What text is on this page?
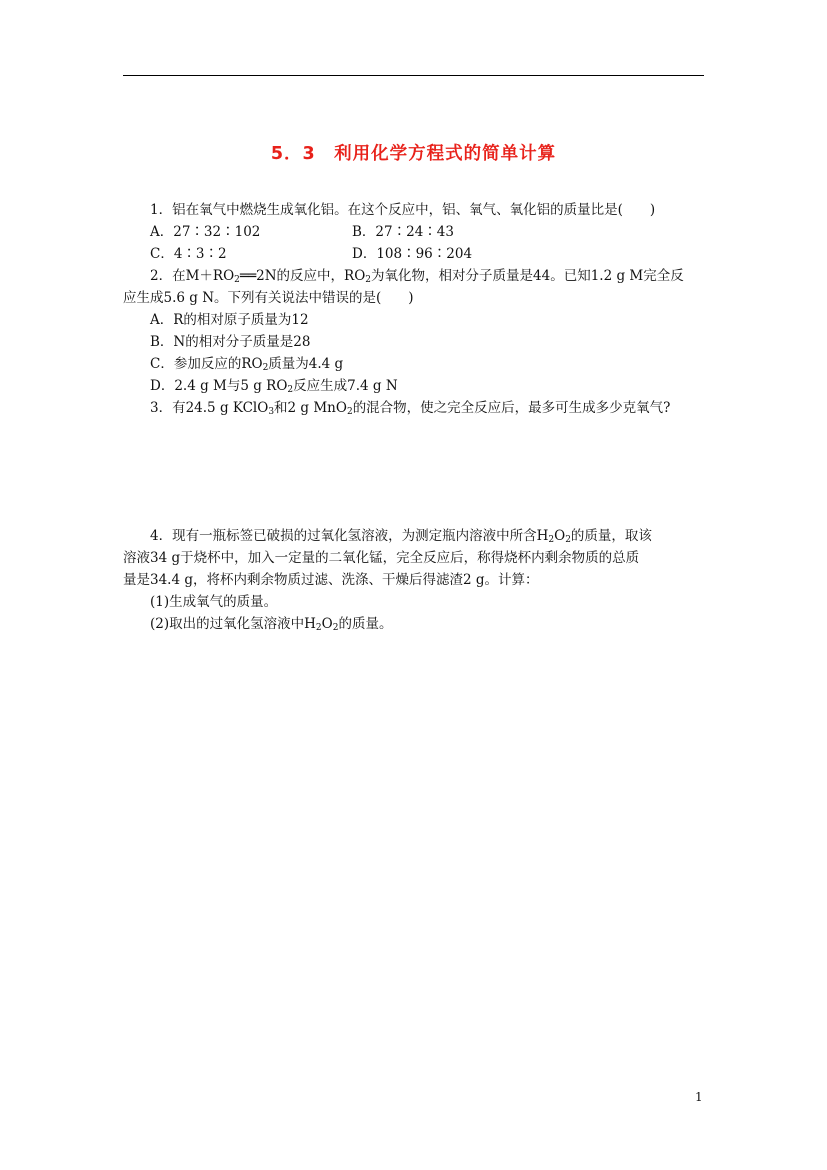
5．3　利用化学方程式的简单计算
1．铝在氧气中燃烧生成氧化铝。在这个反应中，铝、氧气、氧化铝的质量比是(　　)
A．27∶32∶102	B．27∶24∶43
C．4∶3∶2	D．108∶96∶204
2．在$M+RO_2══2N$的反应中，$RO_2$为氧化物，相对分子质量是44。已知1.2 g M完全反
应生成5.6 g N。下列有关说法中错误的是(　　)
A．R的相对原子质量为12
B．N的相对分子质量是28
C．参加反应的$RO_2$质量为4.4 g
D．2.4 g M与5 g $RO_2$反应生成7.4 g N
3．有24.5 g KClO$_3$和2 g MnO$_2$的混合物，使之完全反应后，最多可生成多少克氧气?
4．现有一瓶标签已破损的过氧化氢溶液，为测定瓶内溶液中所含$H_2O_2$的质量，取该
溶液34 g于烧杯中，加入一定量的二氧化锰，完全反应后，称得烧杯内剩余物质的总质
量是34.4 g，将杯内剩余物质过滤、洗涤、干燥后得滤渣2 g。计算：
(1)生成氧气的质量。
(2)取出的过氧化氢溶液中$H_2O_2$的质量。
1
